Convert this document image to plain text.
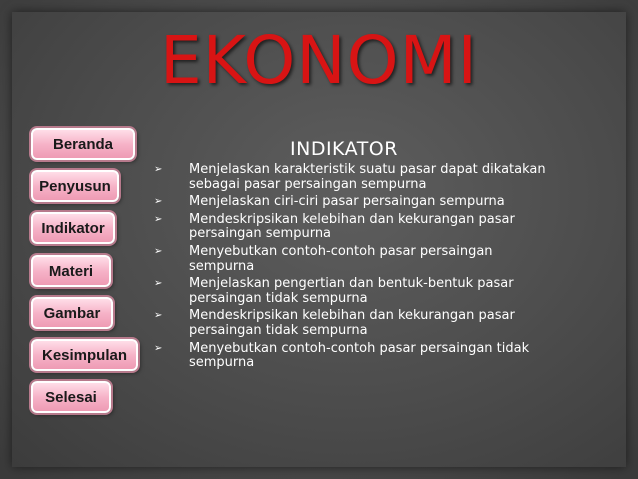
EKONOMI
Beranda
Penyusun
Indikator
Materi
Gambar
Kesimpulan
Selesai
INDIKATOR
➢ Menjelaskan karakteristik suatu pasar dapat dikatakan sebagai pasar persaingan sempurna
➢ Menjelaskan ciri-ciri pasar persaingan sempurna
➢ Mendeskripsikan kelebihan dan kekurangan pasar persaingan sempurna
➢ Menyebutkan contoh-contoh pasar persaingan sempurna
➢ Menjelaskan pengertian dan bentuk-bentuk pasar persaingan tidak sempurna
➢ Mendeskripsikan kelebihan dan kekurangan pasar persaingan tidak sempurna
➢ Menyebutkan contoh-contoh pasar persaingan tidak sempurna
